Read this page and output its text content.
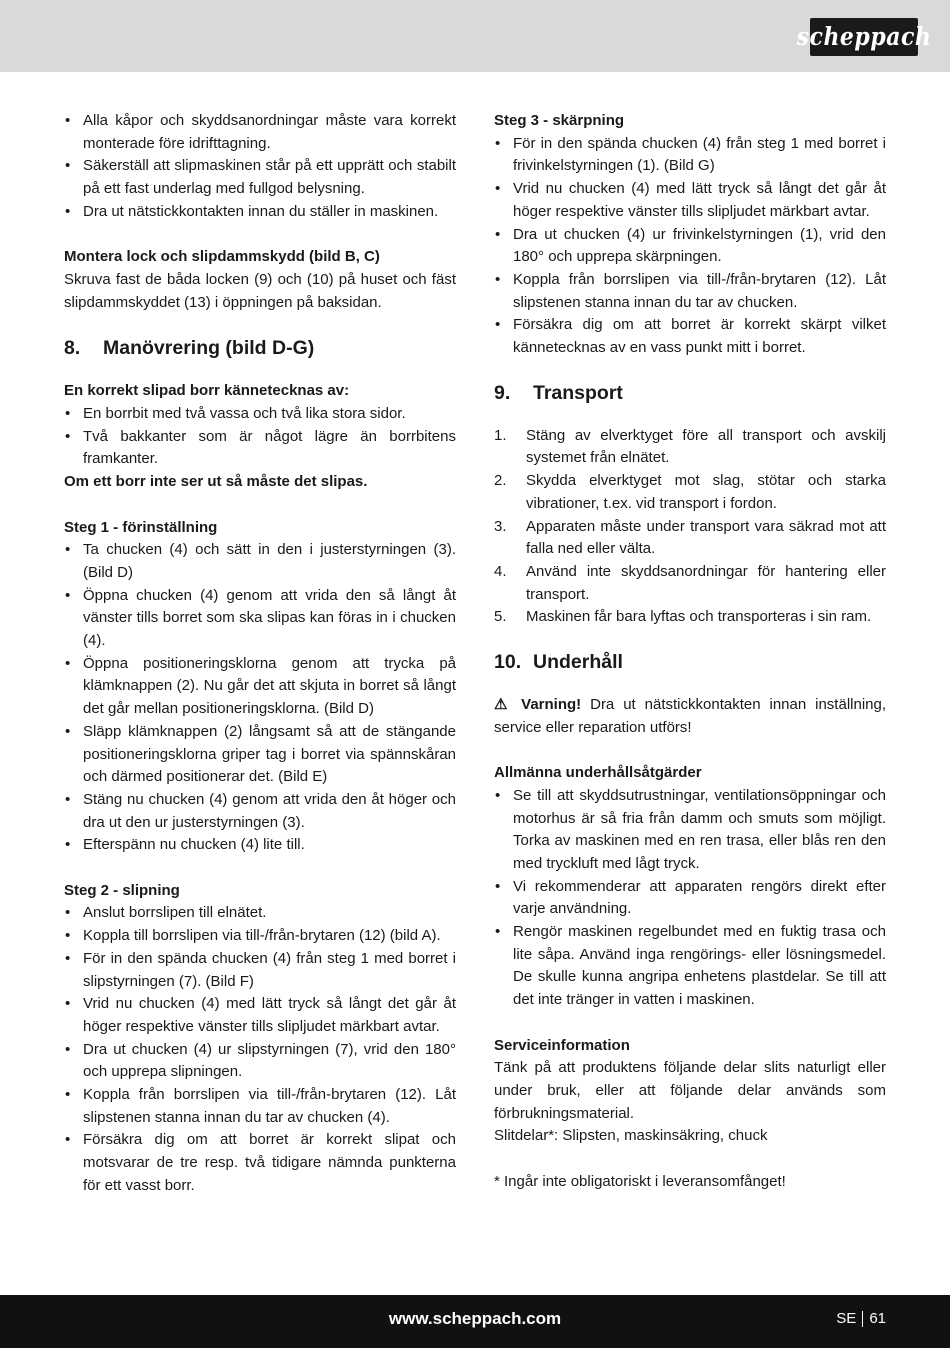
scheppach
• Alla kåpor och skyddsanordningar måste vara korrekt monterade före idrifttagning.
• Säkerställ att slipmaskinen står på ett upprätt och stabilt på ett fast underlag med fullgod belysning.
• Dra ut nätstickkontakten innan du ställer in maskinen.
Montera lock och slipdammskydd (bild B, C)
Skruva fast de båda locken (9) och (10) på huset och fäst slipdammskyddet (13) i öppningen på baksidan.
8.	Manövrering (bild D-G)
En korrekt slipad borr kännetecknas av:
• En borrbit med två vassa och två lika stora sidor.
• Två bakkanter som är något lägre än borrbitens framkanter.
Om ett borr inte ser ut så måste det slipas.
Steg 1 - förinställning
• Ta chucken (4) och sätt in den i justerstyrningen (3). (Bild D)
• Öppna chucken (4) genom att vrida den så långt åt vänster tills borret som ska slipas kan föras in i chucken (4).
• Öppna positioneringsklorna genom att trycka på klämknappen (2). Nu går det att skjuta in borret så långt det går mellan positioneringsklorna. (Bild D)
• Släpp klämknappen (2) långsamt så att de stängande positioneringsklorna griper tag i borret via spännskåran och därmed positionerar det. (Bild E)
• Stäng nu chucken (4) genom att vrida den åt höger och dra ut den ur justerstyrningen (3).
• Efterspänn nu chucken (4) lite till.
Steg 2 - slipning
• Anslut borrslipen till elnätet.
• Koppla till borrslipen via till-/från-brytaren (12) (bild A).
• För in den spända chucken (4) från steg 1 med borret i slipstyrningen (7). (Bild F)
• Vrid nu chucken (4) med lätt tryck så långt det går åt höger respektive vänster tills slipljudet märkbart avtar.
• Dra ut chucken (4) ur slipstyrningen (7), vrid den 180° och upprepa slipningen.
• Koppla från borrslipen via till-/från-brytaren (12). Låt slipstenen stanna innan du tar av chucken (4).
• Försäkra dig om att borret är korrekt slipat och motsvarar de tre resp. två tidigare nämnda punkterna för ett vasst borr.
Steg 3 - skärpning
• För in den spända chucken (4) från steg 1 med borret i frivinkelstyrningen (1). (Bild G)
• Vrid nu chucken (4) med lätt tryck så långt det går åt höger respektive vänster tills slipljudet märkbart avtar.
• Dra ut chucken (4) ur frivinkelstyrningen (1), vrid den 180° och upprepa skärpningen.
• Koppla från borrslipen via till-/från-brytaren (12). Låt slipstenen stanna innan du tar av chucken.
• Försäkra dig om att borret är korrekt skärpt vilket kännetecknas av en vass punkt mitt i borret.
9.	Transport
1. Stäng av elverktyget före all transport och avskilj systemet från elnätet.
2. Skydda elverktyget mot slag, stötar och starka vibrationer, t.ex. vid transport i fordon.
3. Apparaten måste under transport vara säkrad mot att falla ned eller välta.
4. Använd inte skyddsanordningar för hantering eller transport.
5. Maskinen får bara lyftas och transporteras i sin ram.
10. Underhåll
⚠ Varning! Dra ut nätstickkontakten innan inställning, service eller reparation utförs!
Allmänna underhållsåtgärder
• Se till att skyddsutrustningar, ventilationsöppningar och motorhus är så fria från damm och smuts som möjligt. Torka av maskinen med en ren trasa, eller blås ren den med tryckluft med lågt tryck.
• Vi rekommenderar att apparaten rengörs direkt efter varje användning.
• Rengör maskinen regelbundet med en fuktig trasa och lite såpa. Använd inga rengörings- eller lösningsmedel. De skulle kunna angripa enhetens plastdelar. Se till att det inte tränger in vatten i maskinen.
Serviceinformation
Tänk på att produktens följande delar slits naturligt eller under bruk, eller att följande delar används som förbrukningsmaterial.
Slitdelar*: Slipsten, maskinsäkring, chuck
* Ingår inte obligatoriskt i leveransomfånget!
www.scheppach.com	SE 61
